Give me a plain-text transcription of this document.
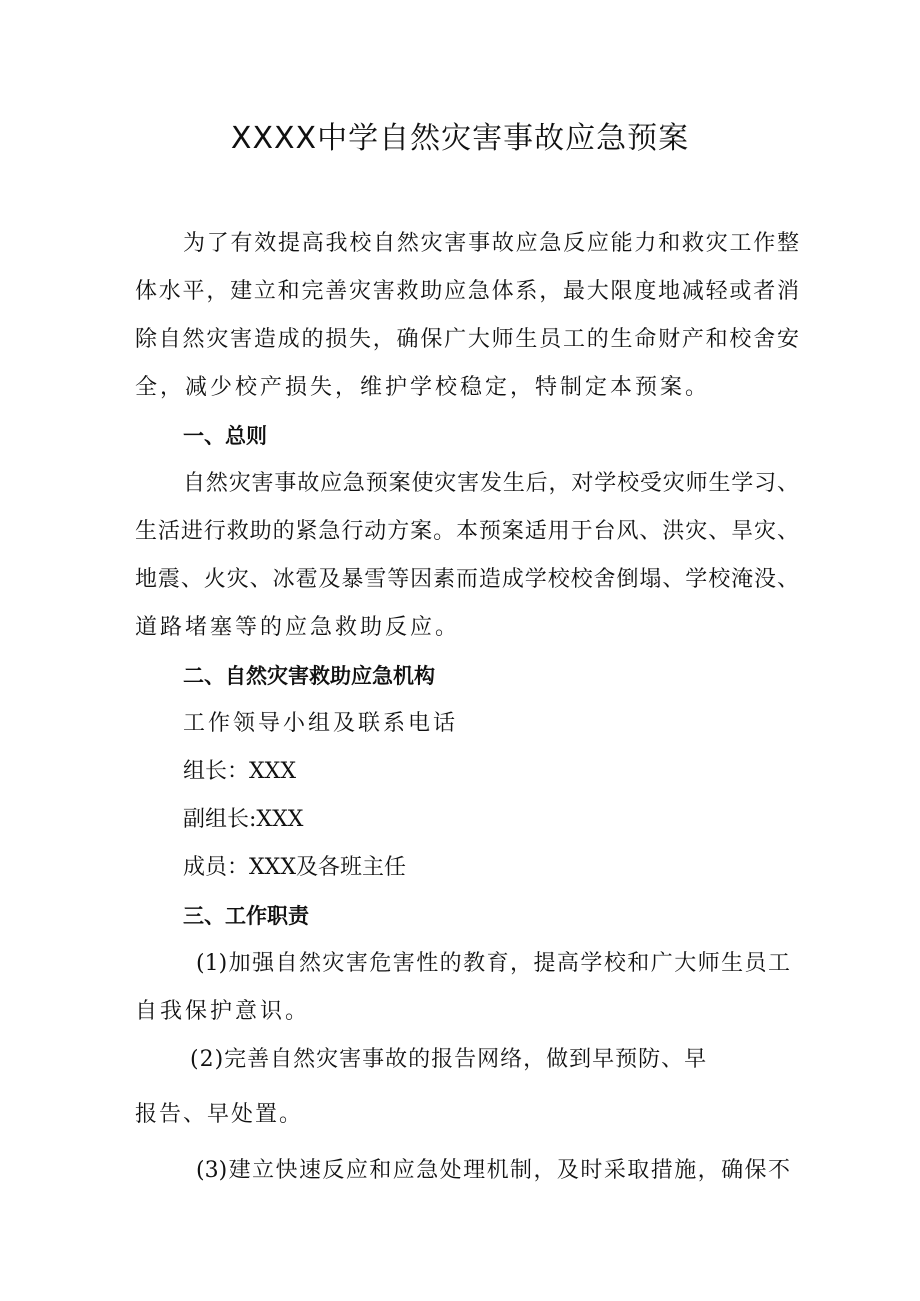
XXXX中学自然灾害事故应急预案
为了有效提高我校自然灾害事故应急反应能力和救灾工作整
体水平，建立和完善灾害救助应急体系，最大限度地减轻或者消
除自然灾害造成的损失，确保广大师生员工的生命财产和校舍安
全，减少校产损失，维护学校稳定，特制定本预案。
一、总则
自然灾害事故应急预案使灾害发生后，对学校受灾师生学习、
生活进行救助的紧急行动方案。本预案适用于台风、洪灾、旱灾、
地震、火灾、冰雹及暴雪等因素而造成学校校舍倒塌、学校淹没、
道路堵塞等的应急救助反应。
二、自然灾害救助应急机构
工作领导小组及联系电话
组长：XXX
副组长:XXX
成员：XXX及各班主任
三、工作职责
(1)加强自然灾害危害性的教育，提高学校和广大师生员工
自我保护意识。
(2)完善自然灾害事故的报告网络，做到早预防、早
报告、早处置。
(3)建立快速反应和应急处理机制，及时采取措施，确保不
